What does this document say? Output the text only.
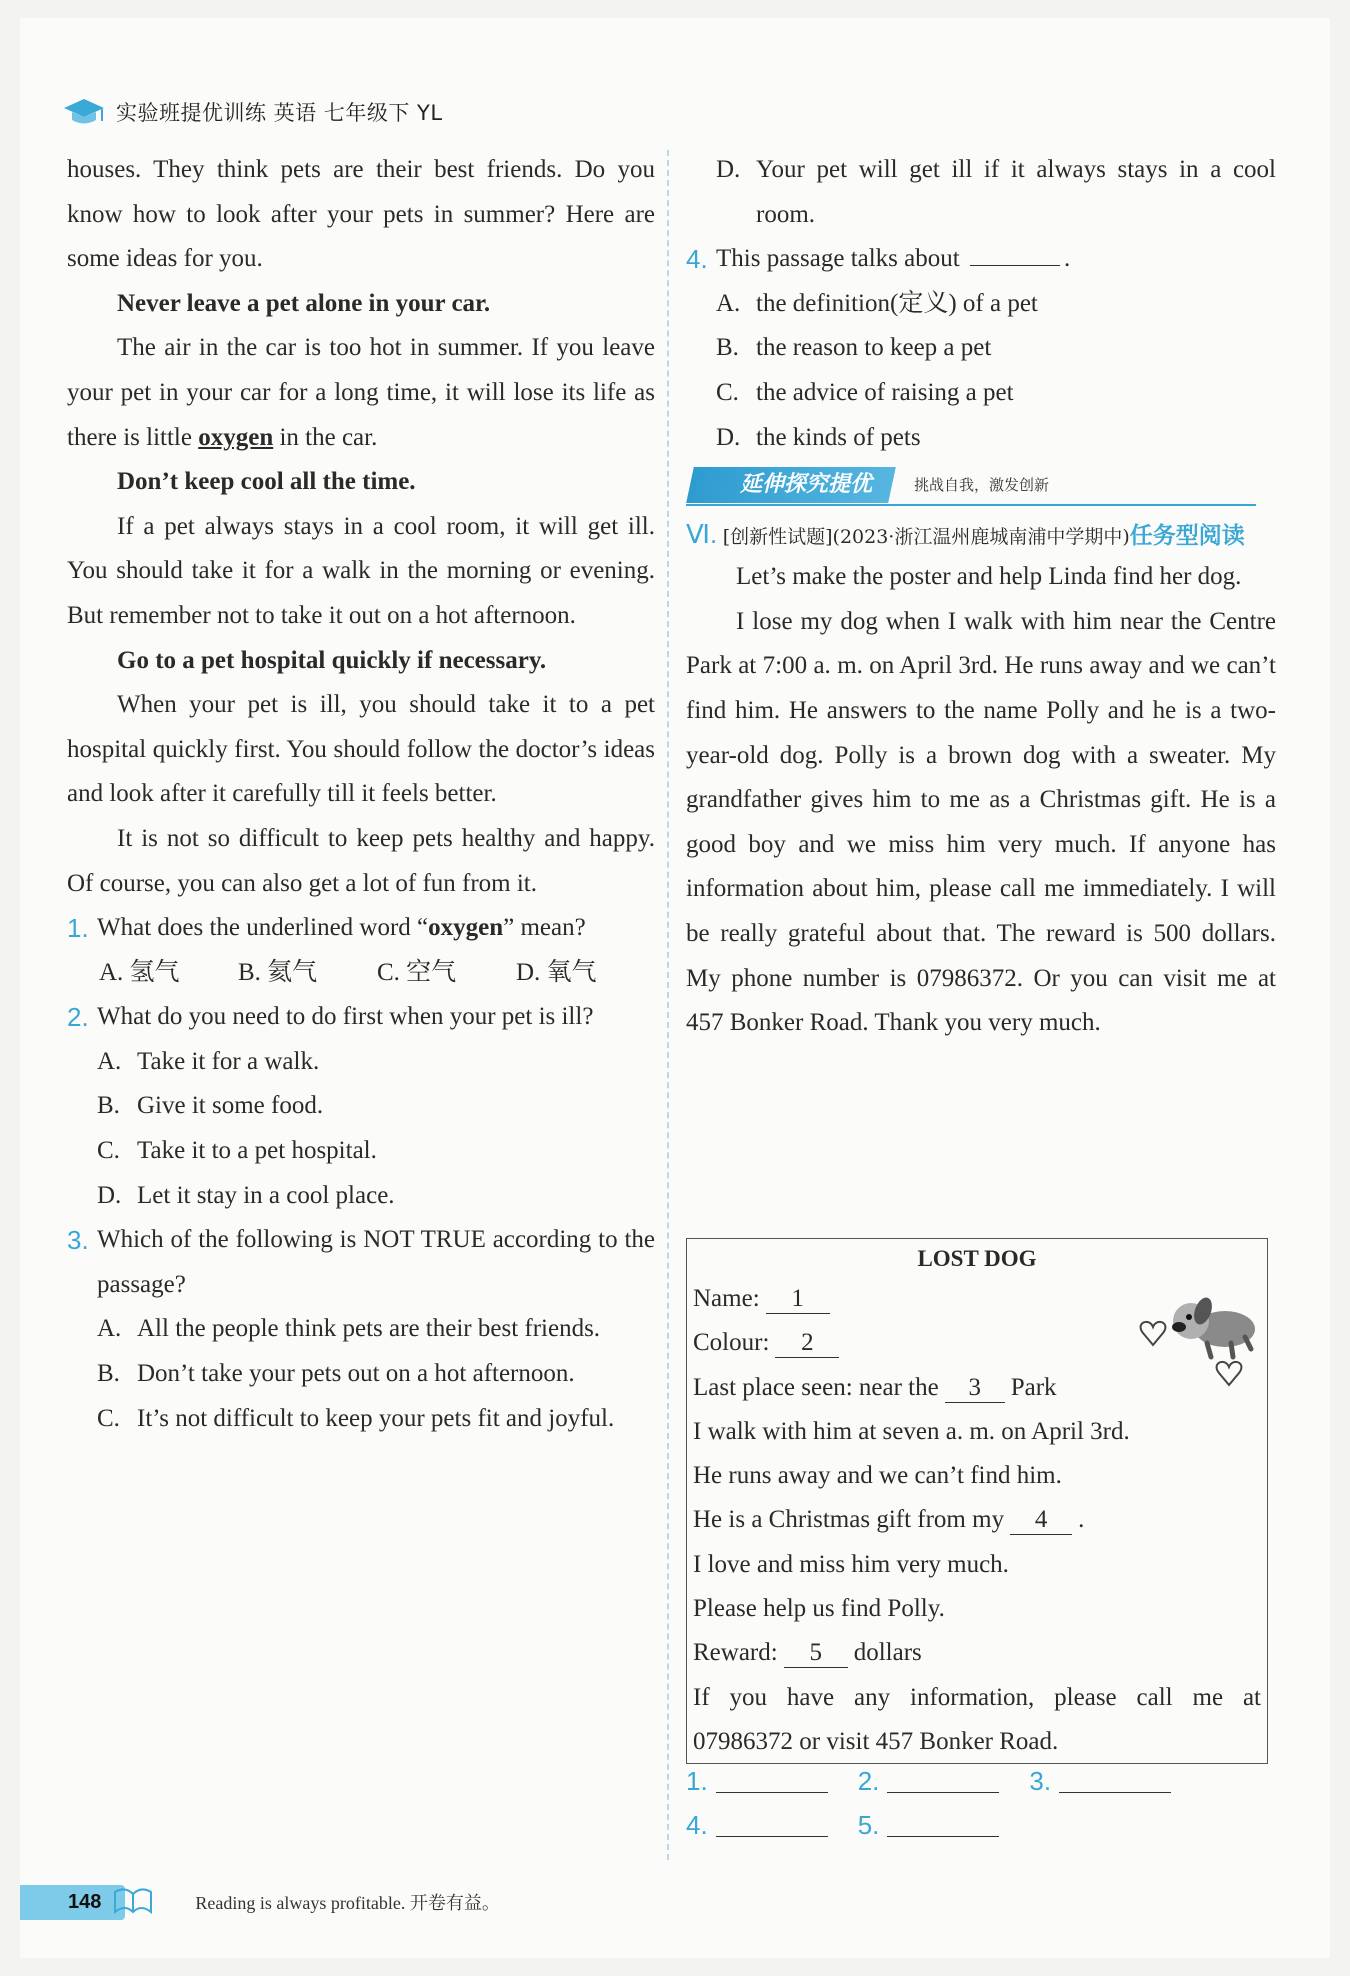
实验班提优训练 英语 七年级下 YL

houses. They think pets are their best friends. Do you know how to look after your pets in summer? Here are some ideas for you.

Never leave a pet alone in your car.

The air in the car is too hot in summer. If you leave your pet in your car for a long time, it will lose its life as there is little oxygen in the car.

Don’t keep cool all the time.

If a pet always stays in a cool room, it will get ill. You should take it for a walk in the morning or evening. But remember not to take it out on a hot afternoon.

Go to a pet hospital quickly if necessary.

When your pet is ill, you should take it to a pet hospital quickly first. You should follow the doctor’s ideas and look after it carefully till it feels better.

It is not so difficult to keep pets healthy and happy. Of course, you can also get a lot of fun from it.

1. What does the underlined word “oxygen” mean?
A. 氢气	B. 氦气	C. 空气	D. 氧气
2. What do you need to do first when your pet is ill?
A. Take it for a walk.
B. Give it some food.
C. Take it to a pet hospital.
D. Let it stay in a cool place.
3. Which of the following is NOT TRUE according to the passage?
A. All the people think pets are their best friends.
B. Don’t take your pets out on a hot afternoon.
C. It’s not difficult to keep your pets fit and joyful.
D. Your pet will get ill if it always stays in a cool room.
4. This passage talks about	.
A. the definition(定义) of a pet
B. the reason to keep a pet
C. the advice of raising a pet
D. the kinds of pets
延伸探究提优	挑战自我，激发创新
Ⅵ. [创新性试题](2023·浙江温州鹿城南浦中学期中)任务型阅读

Let’s make the poster and help Linda find her dog.

I lose my dog when I walk with him near the Centre Park at 7:00 a. m. on April 3rd. He runs away and we can’t find him. He answers to the name Polly and he is a two-year-old dog. Polly is a brown dog with a sweater. My grandfather gives him to me as a Christmas gift. He is a good boy and we miss him very much. If anyone has information about him, please call me immediately. I will be really grateful about that. The reward is 500 dollars. My phone number is 07986372. Or you can visit me at 457 Bonker Road. Thank you very much.

LOST DOG
Name: 1
Colour: 2
Last place seen: near the 3 Park
I walk with him at seven a. m. on April 3rd.
He runs away and we can’t find him.
He is a Christmas gift from my 4 .
I love and miss him very much.
Please help us find Polly.
Reward: 5 dollars
If you have any information, please call me at
07986372 or visit 457 Bonker Road.
1.	2.	3.
4.	5.
148	Reading is always profitable. 开卷有益。
